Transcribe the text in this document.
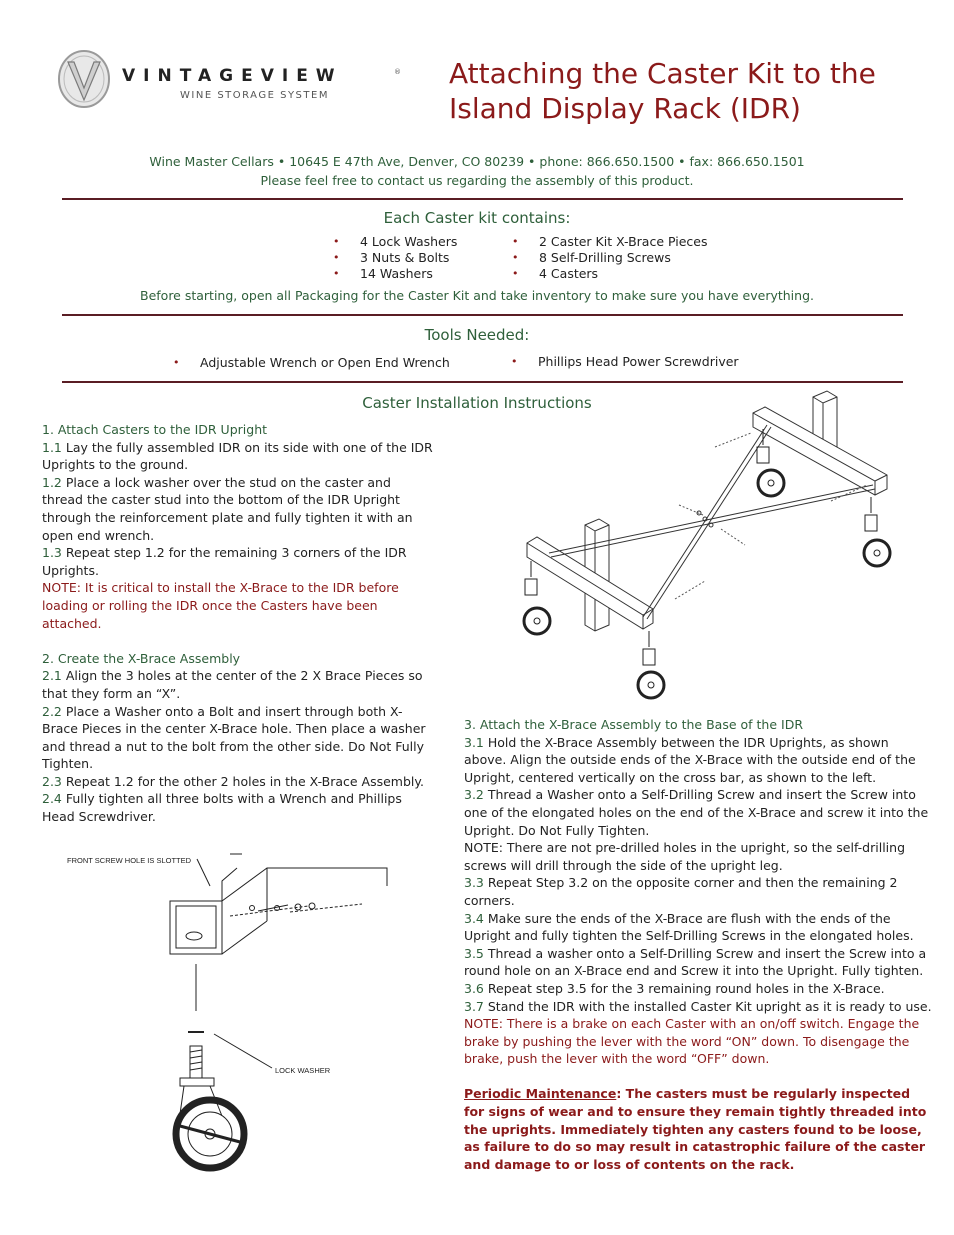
VINTAGEVIEW	®
WINE STORAGE SYSTEM
Attaching the Caster Kit to the
Island Display Rack (IDR)
Wine Master Cellars • 10645 E 47th Ave, Denver, CO 80239 • phone: 866.650.1500 • fax: 866.650.1501
Please feel free to contact us regarding the assembly of this product.
Each Caster kit contains:
• 4 Lock Washers
• 3 Nuts & Bolts
• 14 Washers
• 2 Caster Kit X-Brace Pieces
• 8 Self-Drilling Screws
• 4 Casters
Before starting, open all Packaging for the Caster Kit and take inventory to make sure you have everything.
Tools Needed:
• Adjustable Wrench or Open End Wrench	• Phillips Head Power Screwdriver
Caster Installation Instructions

1. Attach Casters to the IDR Upright

1.1 Lay the fully assembled IDR on its side with one of the IDR Uprights to the ground.

1.2 Place a lock washer over the stud on the caster and thread the caster stud into the bottom of the IDR Upright through the reinforcement plate and fully tighten it with an open end wrench.

1.3 Repeat step 1.2 for the remaining 3 corners of the IDR Uprights.

NOTE: It is critical to install the X-Brace to the IDR before loading or rolling the IDR once the Casters have been attached.

2. Create the X-Brace Assembly

2.1 Align the 3 holes at the center of the 2 X Brace Pieces so that they form an “X”.

2.2 Place a Washer onto a Bolt and insert through both X-Brace Pieces in the center X-Brace hole. Then place a washer and thread a nut to the bolt from the other side. Do Not Fully Tighten.

2.3 Repeat 1.2 for the other 2 holes in the X-Brace Assembly.

2.4 Fully tighten all three bolts with a Wrench and Phillips Head Screwdriver.

3. Attach the X-Brace Assembly to the Base of the IDR

3.1 Hold the X-Brace Assembly between the IDR Uprights, as shown above. Align the outside ends of the X-Brace with the outside end of the Upright, centered vertically on the cross bar, as shown to the left.

3.2 Thread a Washer onto a Self-Drilling Screw and insert the Screw into one of the elongated holes on the end of the X-Brace and screw it into the Upright. Do Not Fully Tighten.

NOTE: There are not pre-drilled holes in the upright, so the self-drilling screws will drill through the side of the upright leg.

3.3 Repeat Step 3.2 on the opposite corner and then the remaining 2 corners.

3.4 Make sure the ends of the X-Brace are flush with the ends of the Upright and fully tighten the Self-Drilling Screws in the elongated holes.

3.5 Thread a washer onto a Self-Drilling Screw and insert the Screw into a round hole on an X-Brace end and Screw it into the Upright. Fully tighten.

3.6 Repeat step 3.5 for the 3 remaining round holes in the X-Brace.

3.7 Stand the IDR with the installed Caster Kit upright as it is ready to use.

NOTE: There is a brake on each Caster with an on/off switch. Engage the brake by pushing the lever with the word “ON” down. To disengage the brake, push the lever with the word “OFF” down.

Periodic Maintenance: The casters must be regularly inspected for signs of wear and to ensure they remain tightly threaded into the uprights. Immediately tighten any casters found to be loose, as failure to do so may result in catastrophic failure of the caster and damage to or loss of contents on the rack.

FRONT SCREW HOLE IS SLOTTED
LOCK WASHER
